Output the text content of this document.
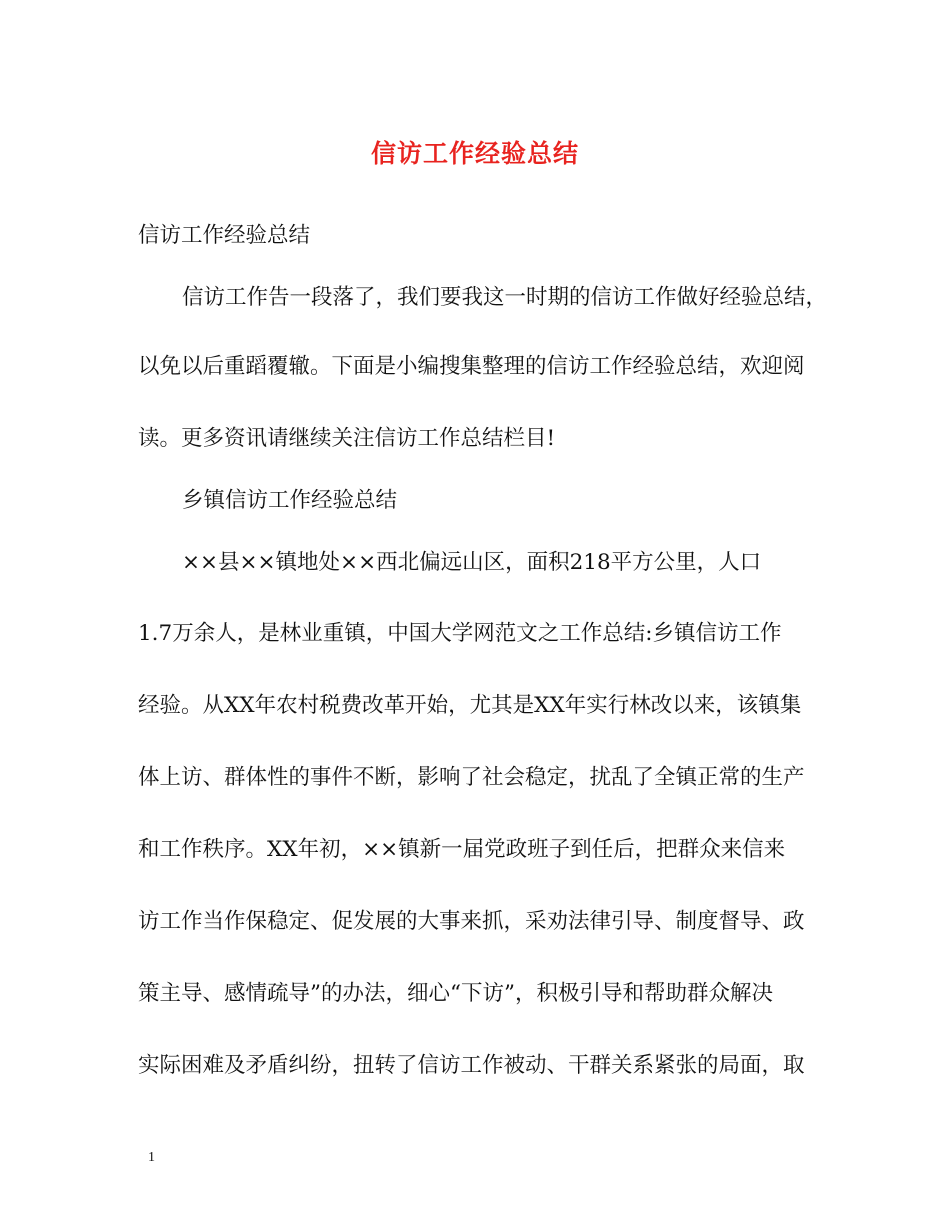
信访工作经验总结
信访工作经验总结
信访工作告一段落了，我们要我这一时期的信访工作做好经验总结，
以免以后重蹈覆辙。下面是小编搜集整理的信访工作经验总结，欢迎阅
读。更多资讯请继续关注信访工作总结栏目!
乡镇信访工作经验总结
××县××镇地处××西北偏远山区，面积218平方公里，人口
1.7万余人，是林业重镇，中国大学网范文之工作总结:乡镇信访工作
经验。从XX年农村税费改革开始，尤其是XX年实行林改以来，该镇集
体上访、群体性的事件不断，影响了社会稳定，扰乱了全镇正常的生产
和工作秩序。XX年初，××镇新一届党政班子到任后，把群众来信来
访工作当作保稳定、促发展的大事来抓，采劝法律引导、制度督导、政
策主导、感情疏导”的办法，细心“下访”，积极引导和帮助群众解决
实际困难及矛盾纠纷，扭转了信访工作被动、干群关系紧张的局面，取
1
